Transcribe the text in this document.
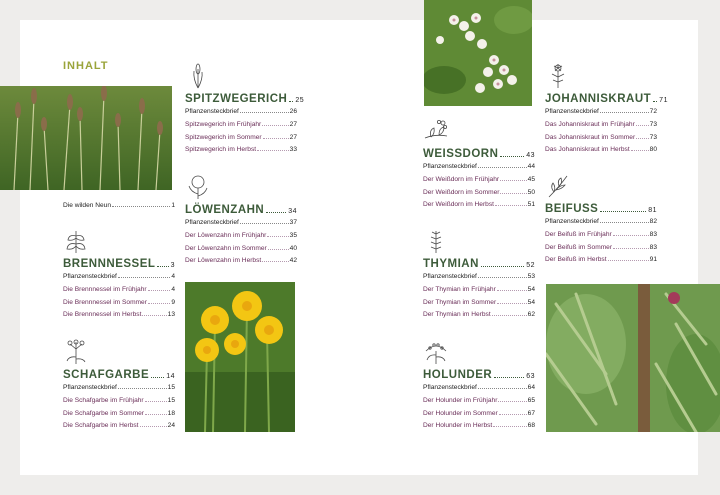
INHALT
Die wilden Neun	1
SPITZWEGERICH 25
Pflanzensteckbrief	26
Spitzwegerich im Frühjahr	27
Spitzwegerich im Sommer	27
Spitzwegerich im Herbst	33
LÖWENZAHN	34
Pflanzensteckbrief	37
Der Löwenzahn im Frühjahr	35
Der Löwenzahn im Sommer	40
Der Löwenzahn im Herbst	42
BRENNNESSEL 3
Pflanzensteckbrief	4
Die Brennnessel im Frühjahr	4
Die Brennnessel im Sommer	9
Die Brennnessel im Herbst	13
SCHAFGARBE 14
Pflanzensteckbrief	15
Die Schafgarbe im Frühjahr	15
Die Schafgarbe im Sommer	18
Die Schafgarbe im Herbst	24
WEISSDORN	43
Pflanzensteckbrief	44
Der Weißdorn im Frühjahr	45
Der Weißdorn im Sommer	50
Der Weißdorn im Herbst	51
THYMIAN	52
Pflanzensteckbrief	53
Der Thymian im Frühjahr	54
Der Thymian im Sommer	54
Der Thymian im Herbst	62
HOLUNDER	63
Pflanzensteckbrief	64
Der Holunder im Frühjahr	65
Der Holunder im Sommer	67
Der Holunder im Herbst	68
JOHANNISKRAUT 71
Pflanzensteckbrief	72
Das Johanniskraut im Frühjahr 73
Das Johanniskraut im Sommer 73
Das Johanniskraut im Herbst	80
BEIFUSS	81
Pflanzensteckbrief	82
Der Beifuß im Frühjahr	83
Der Beifuß im Sommer	83
Der Beifuß im Herbst	91
